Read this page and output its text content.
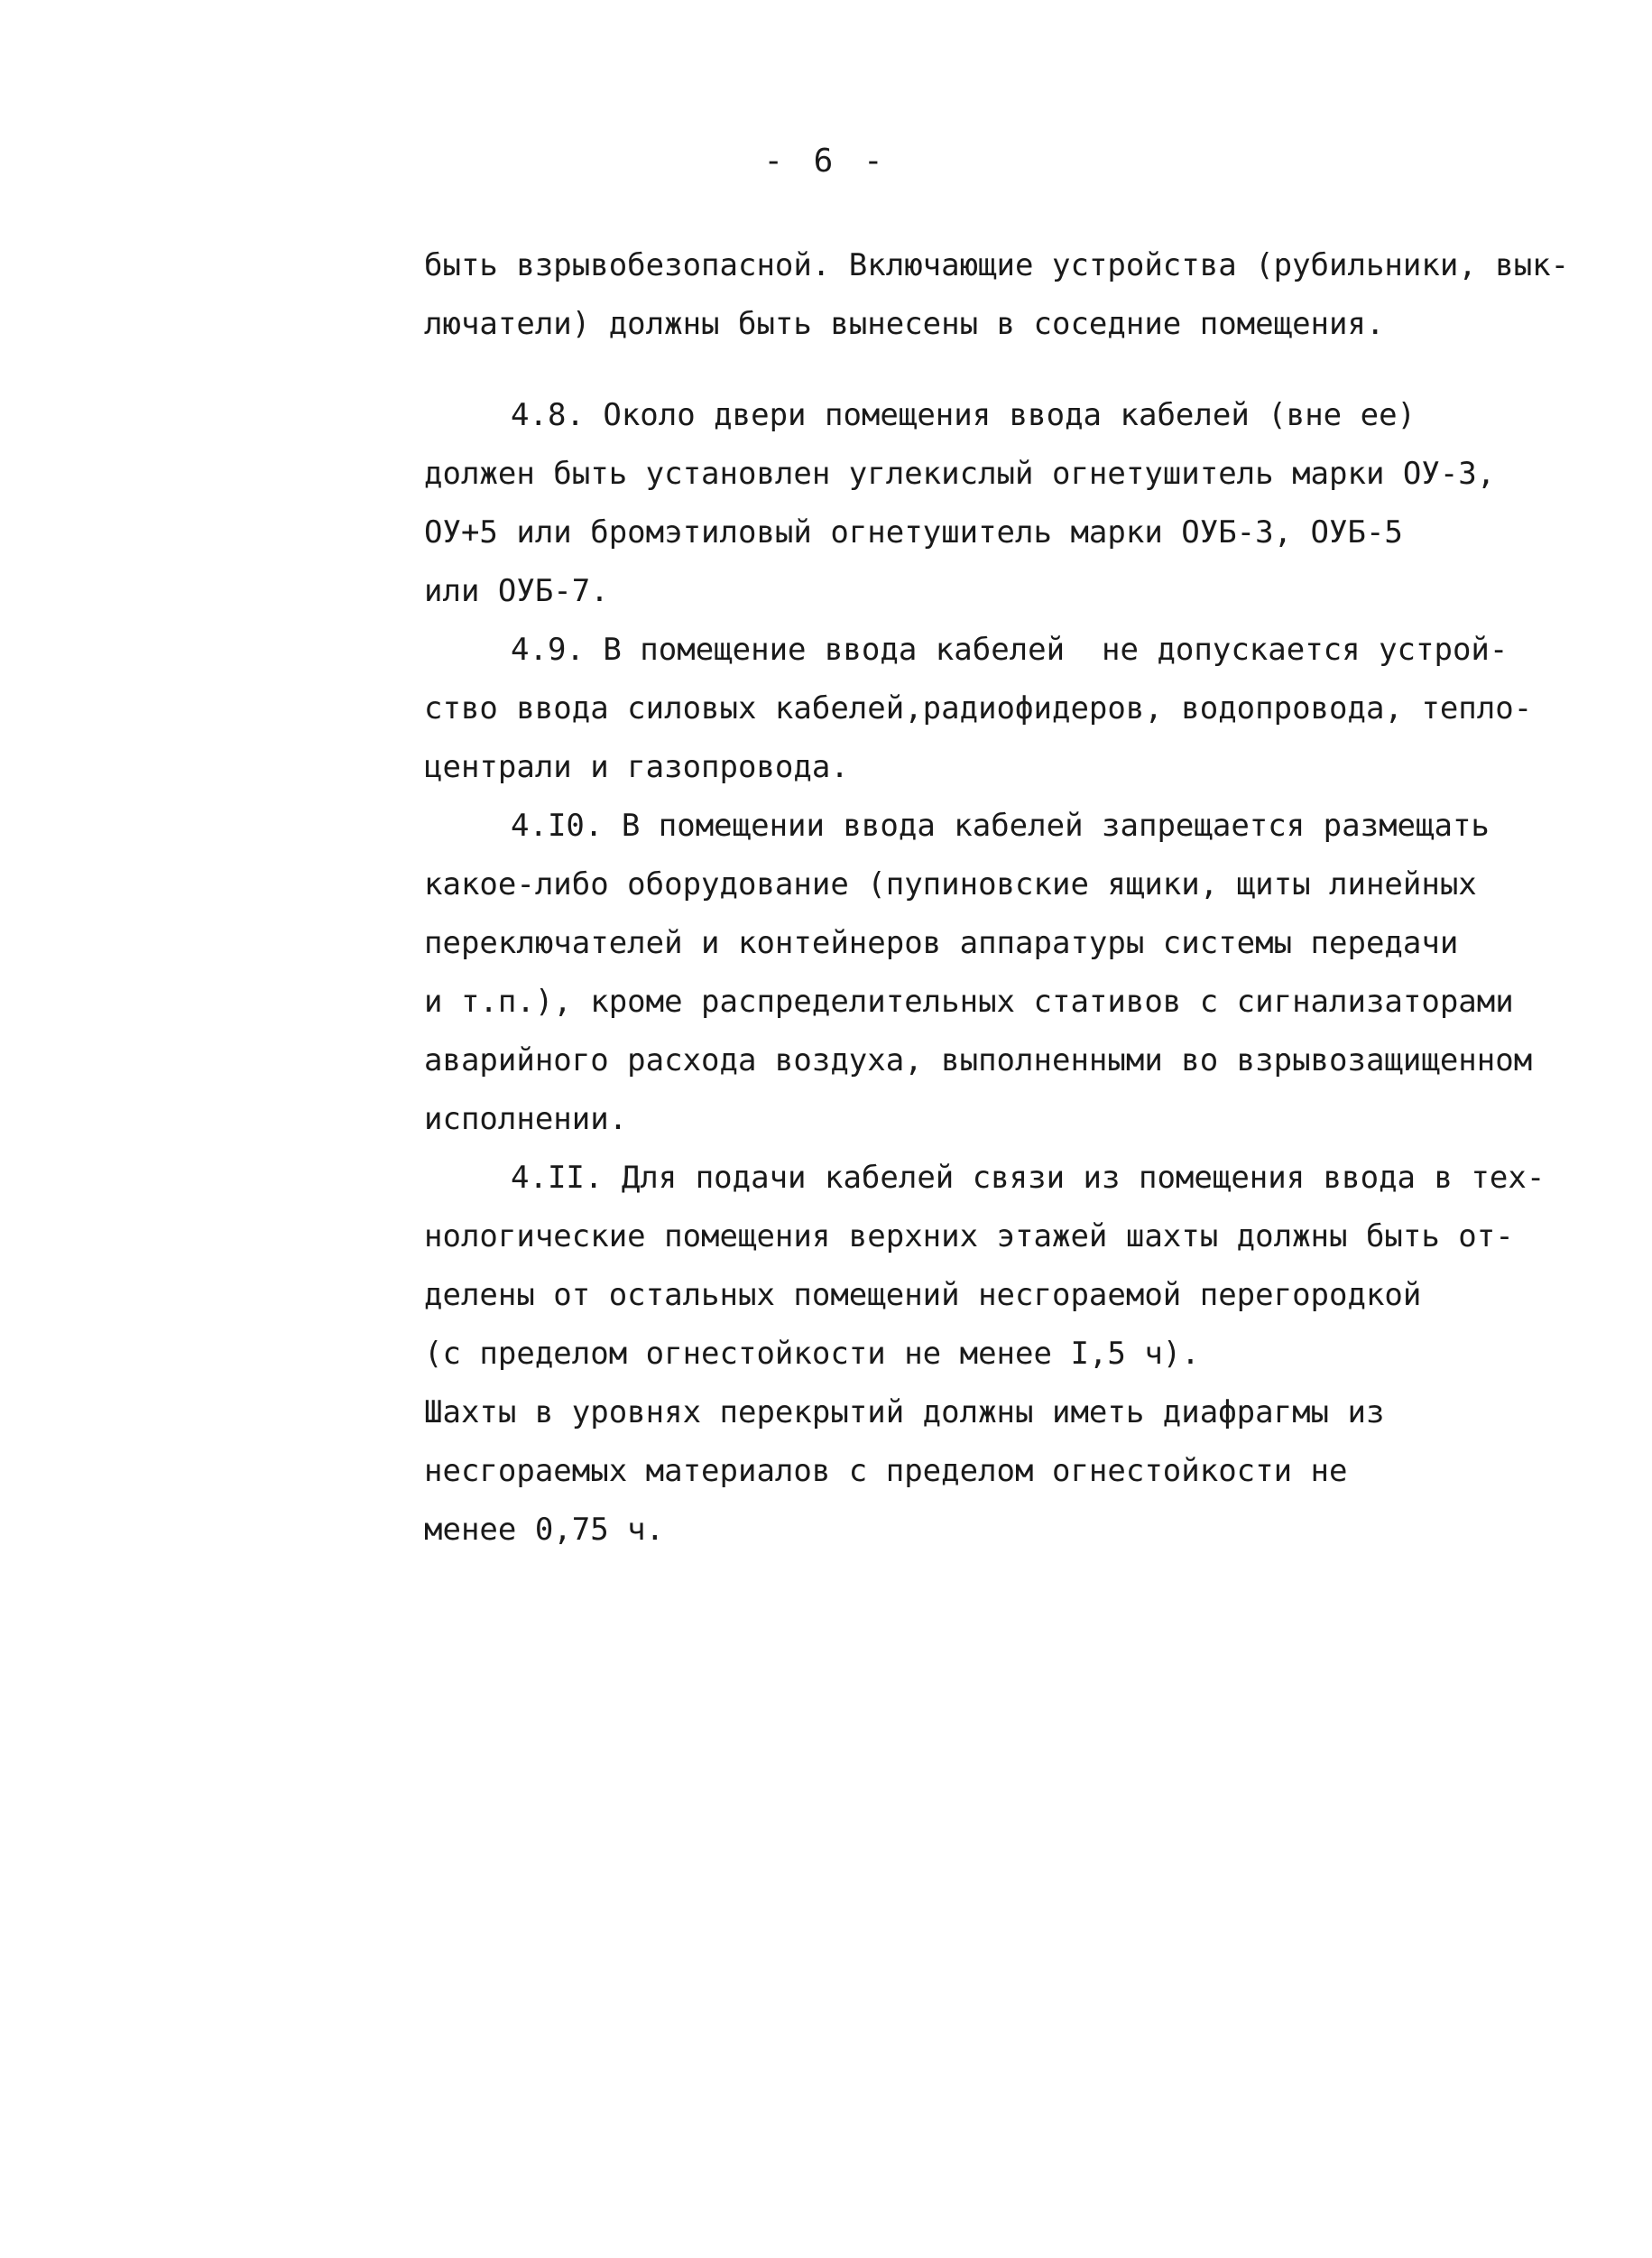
- 6 -
быть взрывобезопасной. Включающие устройства (рубильники, вык-
лючатели) должны быть вынесены в соседние помещения.
4.8. Около двери помещения ввода кабелей (вне ее)
должен быть установлен углекислый огнетушитель марки ОУ-3,
ОУ+5 или бромэтиловый огнетушитель марки ОУБ-3, ОУБ-5
или ОУБ-7.
4.9. В помещение ввода кабелей  не допускается устрой-
ство ввода силовых кабелей,радиофидеров, водопровода, тепло-
централи и газопровода.
4.I0. В помещении ввода кабелей запрещается размещать
какое-либо оборудование (пупиновские ящики, щиты линейных
переключателей и контейнеров аппаратуры системы передачи
и т.п.), кроме распределительных стативов с сигнализаторами
аварийного расхода воздуха, выполненными во взрывозащищенном
исполнении.
4.II. Для подачи кабелей связи из помещения ввода в тех-
нологические помещения верхних этажей шахты должны быть от-
делены от остальных помещений несгораемой перегородкой
(с пределом огнестойкости не менее I,5 ч).
Шахты в уровнях перекрытий должны иметь диафрагмы из
несгораемых материалов с пределом огнестойкости не
менее 0,75 ч.
